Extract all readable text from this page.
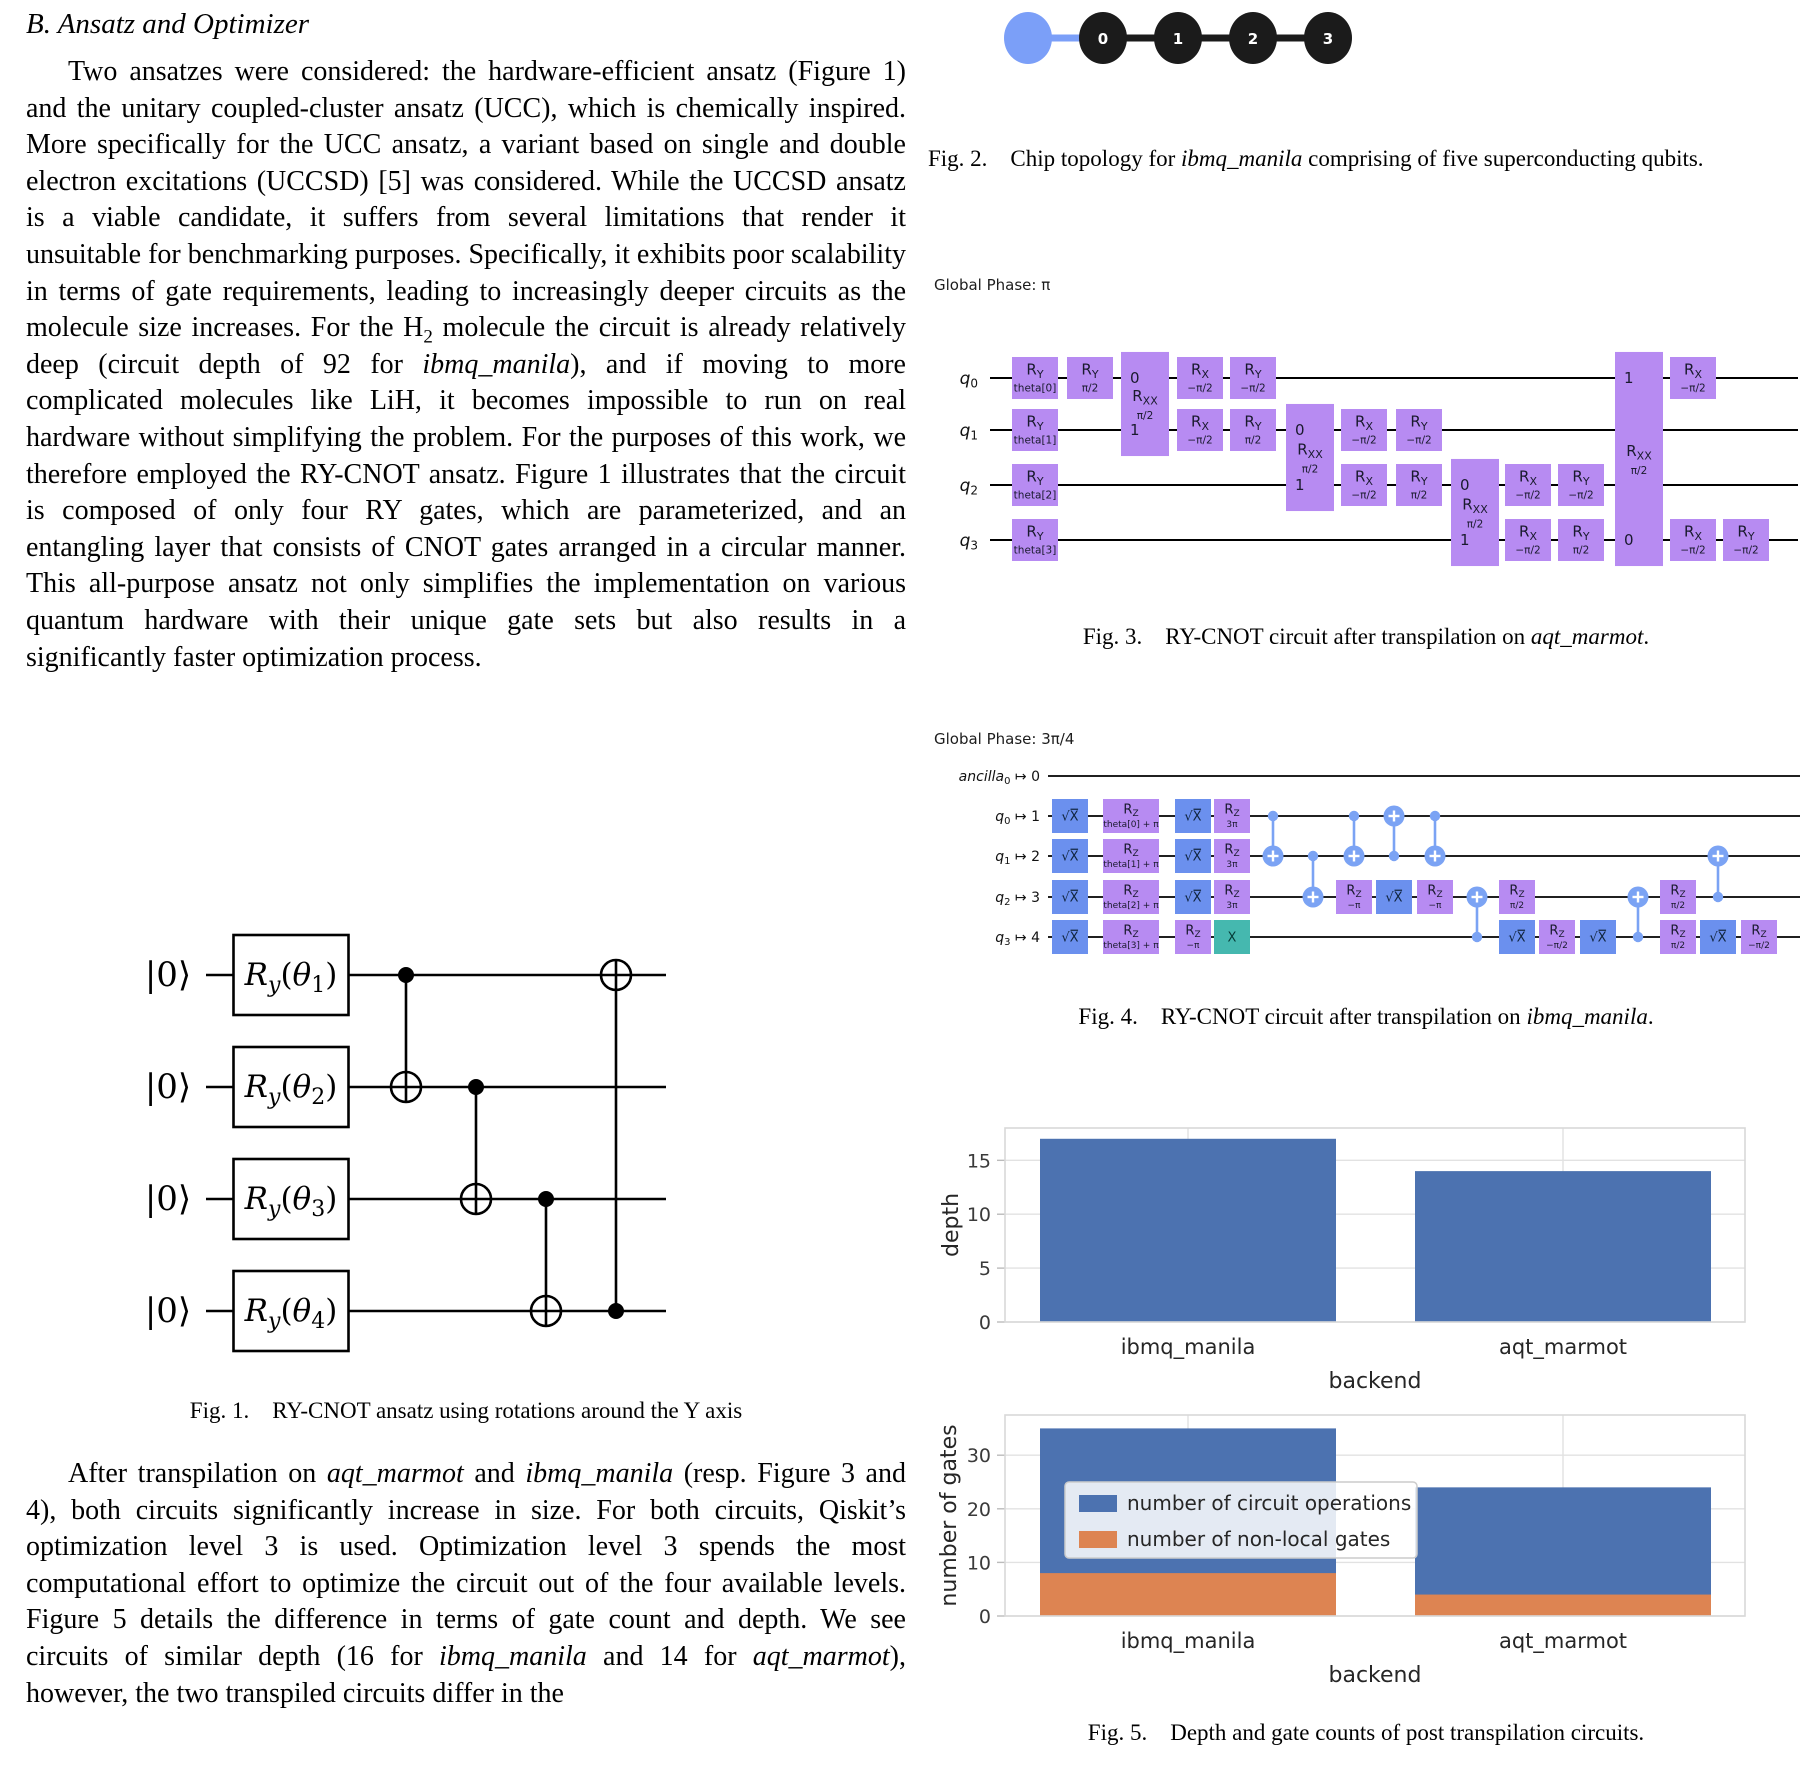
B. Ansatz and Optimizer

Two ansatzes were considered: the hardware-efficient ansatz (Figure 1) and the unitary coupled-cluster ansatz (UCC), which is chemically inspired. More specifically for the UCC ansatz, a variant based on single and double electron excitations (UCCSD) [5] was considered. While the UCCSD ansatz is a viable candidate, it suffers from several limitations that render it unsuitable for benchmarking purposes. Specifically, it exhibits poor scalability in terms of gate requirements, leading to increasingly deeper circuits as the molecule size increases. For the $H_2$ molecule the circuit is already relatively deep (circuit depth of 92 for ibmq_manila), and if moving to more complicated molecules like LiH, it becomes impossible to run on real hardware without simplifying the problem. For the purposes of this work, we therefore employed the RY-CNOT ansatz. Figure 1 illustrates that the circuit is composed of only four RY gates, which are parameterized, and an entangling layer that consists of CNOT gates arranged in a circular manner. This all-purpose ansatz not only simplifies the implementation on various quantum hardware with their unique gate sets but also results in a significantly faster optimization process.

|0⟩
|0⟩
|0⟩
|0⟩
$R_y(\theta_1)$
$R_y(\theta_2)$
$R_y(\theta_3)$
$R_y(\theta_4)$

Fig. 1.  RY-CNOT ansatz using rotations around the Y axis

After transpilation on aqt_marmot and ibmq_manila (resp. Figure 3 and 4), both circuits significantly increase in size. For both circuits, Qiskit’s optimization level 3 is used. Optimization level 3 spends the most computational effort to optimize the circuit out of the four available levels. Figure 5 details the difference in terms of gate count and depth. We see circuits of similar depth (16 for ibmq_manila and 14 for aqt_marmot), however, the two transpiled circuits differ in the

0	1	2	3

Fig. 2.  Chip topology for ibmq_manila comprising of five superconducting qubits.

Global Phase: π
$q_0$
$q_1$
$q_2$
$q_3$
$R_Y$
theta[0]
$R_Y$
theta[1]
$R_Y$
theta[2]
$R_Y$
theta[3]
$R_Y$
π/2
0
1
$R_{XX}$
π/2
$R_X$
−π/2
$R_X$
−π/2
$R_Y$
−π/2
$R_Y$
π/2
0
1
$R_{XX}$
π/2
$R_X$
−π/2
$R_X$
−π/2
$R_Y$
−π/2
$R_Y$
π/2
0
1
$R_{XX}$
π/2
$R_X$
−π/2
$R_X$
−π/2
$R_Y$
−π/2
$R_Y$
π/2
1
0
$R_{XX}$
π/2
$R_X$
−π/2
$R_X$
−π/2
$R_Y$
−π/2

Fig. 3.  RY-CNOT circuit after transpilation on aqt_marmot.

Global Phase: 3π/4
ancilla$_0$ ↦ 0
$q_0$ ↦ 1
$q_1$ ↦ 2
$q_2$ ↦ 3
$q_3$ ↦ 4
√X
√X
√X
√X
$R_Z$
theta[0] + π
$R_Z$
theta[1] + π
$R_Z$
theta[2] + π
$R_Z$
theta[3] + π
√X
√X
√X
$R_Z$
−π
$R_Z$
3π
$R_Z$
3π
$R_Z$
3π
X
$R_Z$
−π
√X $R_Z$
−π
$R_Z$
π/2
√X $R_Z$
−π/2
√X
$R_Z$
π/2
$R_Z$
π/2
√X $R_Z$
−π/2

Fig. 4.  RY-CNOT circuit after transpilation on ibmq_manila.

0
5
10
15
ibmq_manila	aqt_marmot
backend
depth
0
10
20
30
ibmq_manila	aqt_marmot
backend
number of gates	number of circuit operations
number of non-local gates

Fig. 5.  Depth and gate counts of post transpilation circuits.
